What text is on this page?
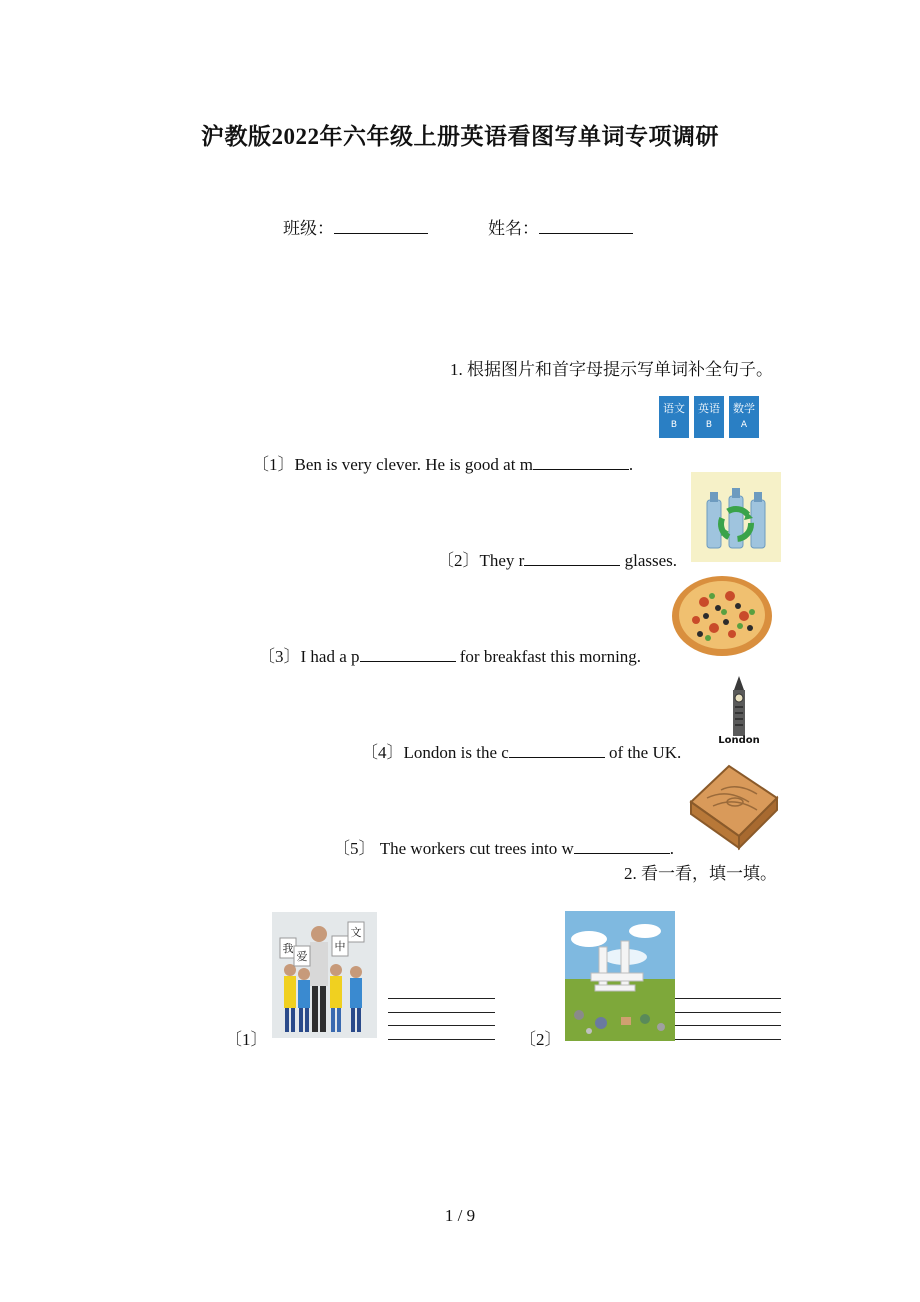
沪教版2022年六年级上册英语看图写单词专项调研
班级：	姓名：
1. 根据图片和首字母提示写单词补全句子。
语文
B
英语
B
数学
A
〔1〕Ben is very clever. He is good at m	.
〔2〕They r	glasses.
〔3〕I had a p	for breakfast this morning.
London
〔4〕London is the c	of the UK.
〔5〕 The workers cut trees into w	.
2. 看一看，填一填。
〔1〕
我
爱
中
文
〔2〕
1 / 9
